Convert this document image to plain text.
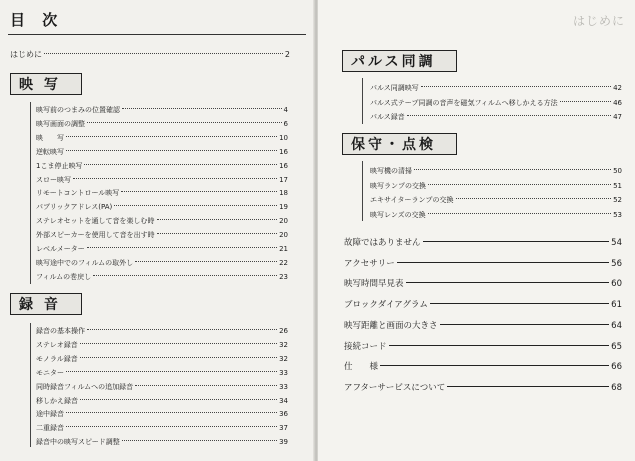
目 次
はじめに	2
映 写
映写前のつまみの位置確認	4
映写画面の調整	6
映　　写	10
逆転映写	16
1こま停止映写	16
スロー映写	17
リモートコントロール映写	18
パブリックアドレス(PA)	19
ステレオセットを通して音を楽しむ時	20
外部スピーカーを使用して音を出す時	20
レベルメーター	21
映写途中でのフィルムの取外し	22
フィルムの巻戻し	23
録 音
録音の基本操作	26
ステレオ録音	32
モノラル録音	32
モニター	33
同時録音フィルムへの追加録音	33
移しかえ録音	34
途中録音	36
二重録音	37
録音中の映写スピード調整	39
はじめに
パルス同調
パルス同調映写	42
パルス式テープ同調の音声を磁気フィルムへ移しかえる方法	46
パルス録音	47
保守・点検
映写機の清掃	50
映写ランプの交換	51
エキサイターランプの交換	52
映写レンズの交換	53
故障ではありません	54
アクセサリー	56
映写時間早見表	60
ブロックダイアグラム	61
映写距離と画面の大きさ	64
接続コード	65
仕　　様	66
アフターサービスについて	68
